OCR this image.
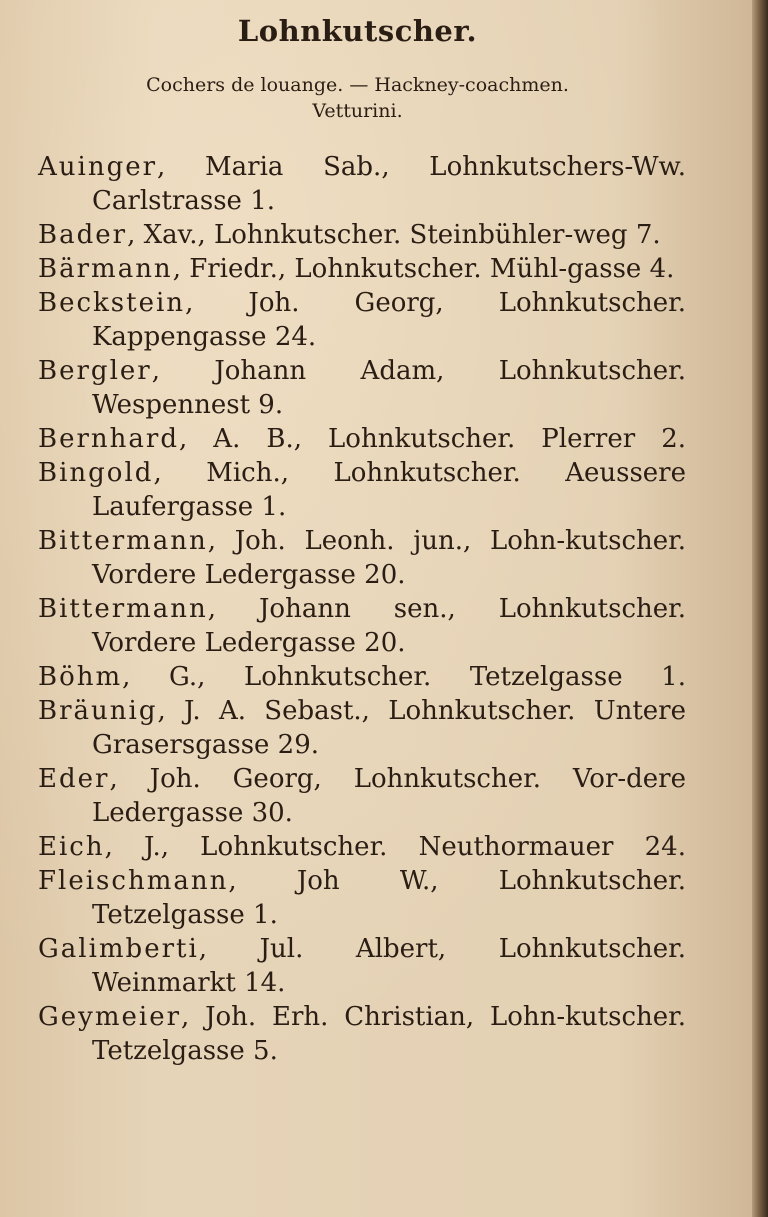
Lohnkutscher.
Cochers de louange. — Hackney-coachmen.
Vetturini.
Auinger, Maria Sab., Lohnkutschers-Ww. Carlstrasse 1.
Bader, Xav., Lohnkutscher. Steinbühler-weg 7.
Bärmann, Friedr., Lohnkutscher. Mühl-gasse 4.
Beckstein, Joh. Georg, Lohnkutscher. Kappengasse 24.
Bergler, Johann Adam, Lohnkutscher. Wespennest 9.
Bernhard, A. B., Lohnkutscher. Plerrer 2.
Bingold, Mich., Lohnkutscher. Aeussere Laufergasse 1.
Bittermann, Joh. Leonh. jun., Lohn-kutscher. Vordere Ledergasse 20.
Bittermann, Johann sen., Lohnkutscher. Vordere Ledergasse 20.
Böhm, G., Lohnkutscher. Tetzelgasse 1.
Bräunig, J. A. Sebast., Lohnkutscher. Untere Grasersgasse 29.
Eder, Joh. Georg, Lohnkutscher. Vor-dere Ledergasse 30.
Eich, J., Lohnkutscher. Neuthormauer 24.
Fleischmann, Joh W., Lohnkutscher. Tetzelgasse 1.
Galimberti, Jul. Albert, Lohnkutscher. Weinmarkt 14.
Geymeier, Joh. Erh. Christian, Lohn-kutscher. Tetzelgasse 5.
